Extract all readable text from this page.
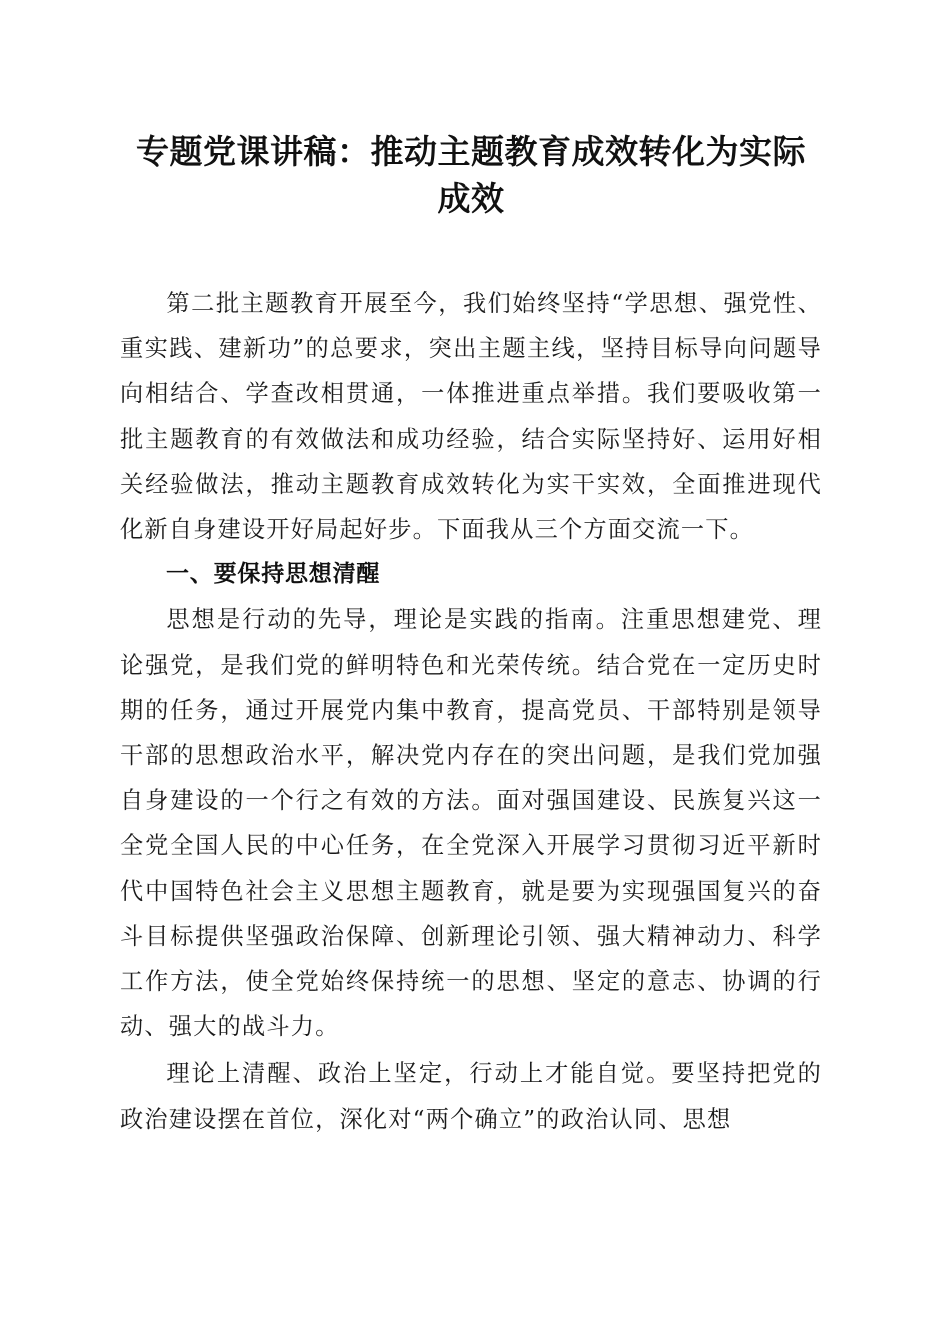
专题党课讲稿：推动主题教育成效转化为实际
成效

第二批主题教育开展至今，我们始终坚持“学思想、强党性、重实践、建新功”的总要求，突出主题主线，坚持目标导向问题导向相结合、学查改相贯通，一体推进重点举措。我们要吸收第一批主题教育的有效做法和成功经验，结合实际坚持好、运用好相关经验做法，推动主题教育成效转化为实干实效，全面推进现代化新自身建设开好局起好步。下面我从三个方面交流一下。

一、要保持思想清醒

思想是行动的先导，理论是实践的指南。注重思想建党、理论强党，是我们党的鲜明特色和光荣传统。结合党在一定历史时期的任务，通过开展党内集中教育，提高党员、干部特别是领导干部的思想政治水平，解决党内存在的突出问题，是我们党加强自身建设的一个行之有效的方法。面对强国建设、民族复兴这一全党全国人民的中心任务，在全党深入开展学习贯彻习近平新时代中国特色社会主义思想主题教育，就是要为实现强国复兴的奋斗目标提供坚强政治保障、创新理论引领、强大精神动力、科学工作方法，使全党始终保持统一的思想、坚定的意志、协调的行动、强大的战斗力。

理论上清醒、政治上坚定，行动上才能自觉。要坚持把党的政治建设摆在首位，深化对“两个确立”的政治认同、思想
